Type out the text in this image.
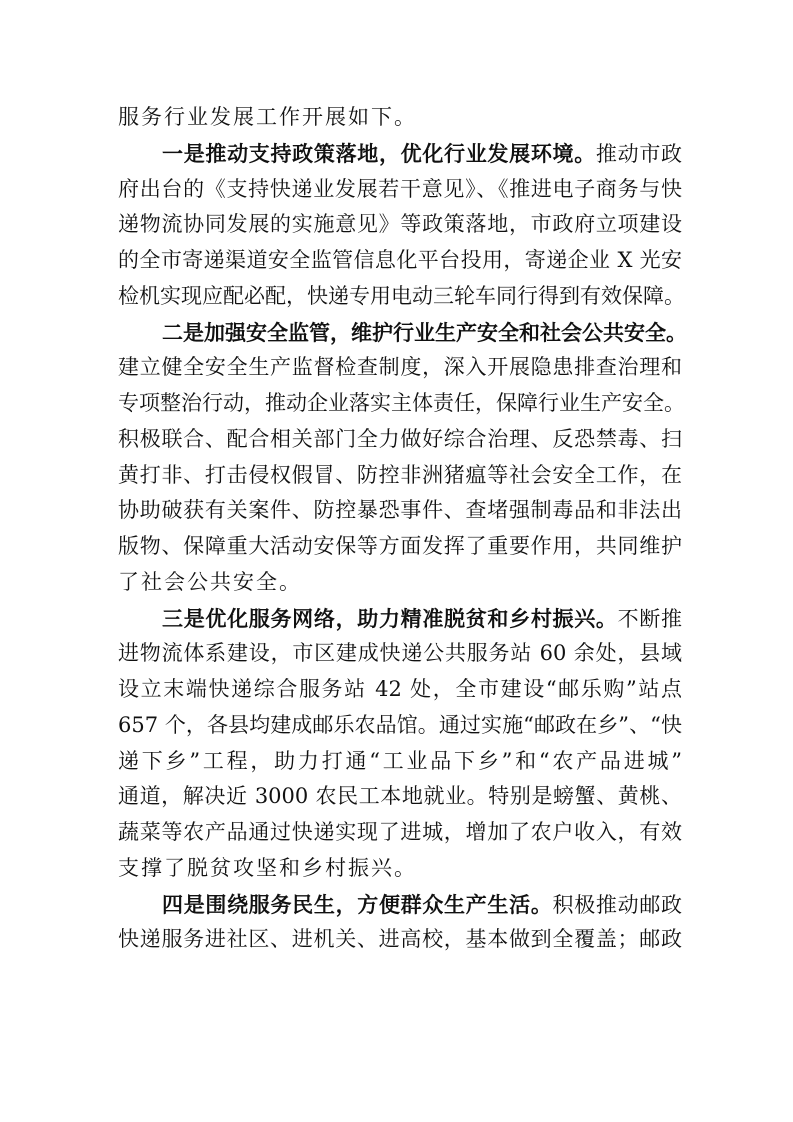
服务行业发展工作开展如下。
一是推动支持政策落地，优化行业发展环境。推动市政
府出台的《支持快递业发展若干意见》、《推进电子商务与快
递物流协同发展的实施意见》等政策落地，市政府立项建设
的全市寄递渠道安全监管信息化平台投用，寄递企业 X 光安
检机实现应配必配，快递专用电动三轮车同行得到有效保障。
二是加强安全监管，维护行业生产安全和社会公共安全。
建立健全安全生产监督检查制度，深入开展隐患排查治理和
专项整治行动，推动企业落实主体责任，保障行业生产安全。
积极联合、配合相关部门全力做好综合治理、反恐禁毒、扫
黄打非、打击侵权假冒、防控非洲猪瘟等社会安全工作，在
协助破获有关案件、防控暴恐事件、查堵强制毒品和非法出
版物、保障重大活动安保等方面发挥了重要作用，共同维护
了社会公共安全。
三是优化服务网络，助力精准脱贫和乡村振兴。不断推
进物流体系建设，市区建成快递公共服务站 60 余处，县域
设立末端快递综合服务站 42 处，全市建设“邮乐购”站点
657 个，各县均建成邮乐农品馆。通过实施“邮政在乡”、“快
递下乡”工程，助力打通“工业品下乡”和“农产品进城”
通道，解决近 3000 农民工本地就业。特别是螃蟹、黄桃、
蔬菜等农产品通过快递实现了进城，增加了农户收入，有效
支撑了脱贫攻坚和乡村振兴。
四是围绕服务民生，方便群众生产生活。积极推动邮政
快递服务进社区、进机关、进高校，基本做到全覆盖；邮政
